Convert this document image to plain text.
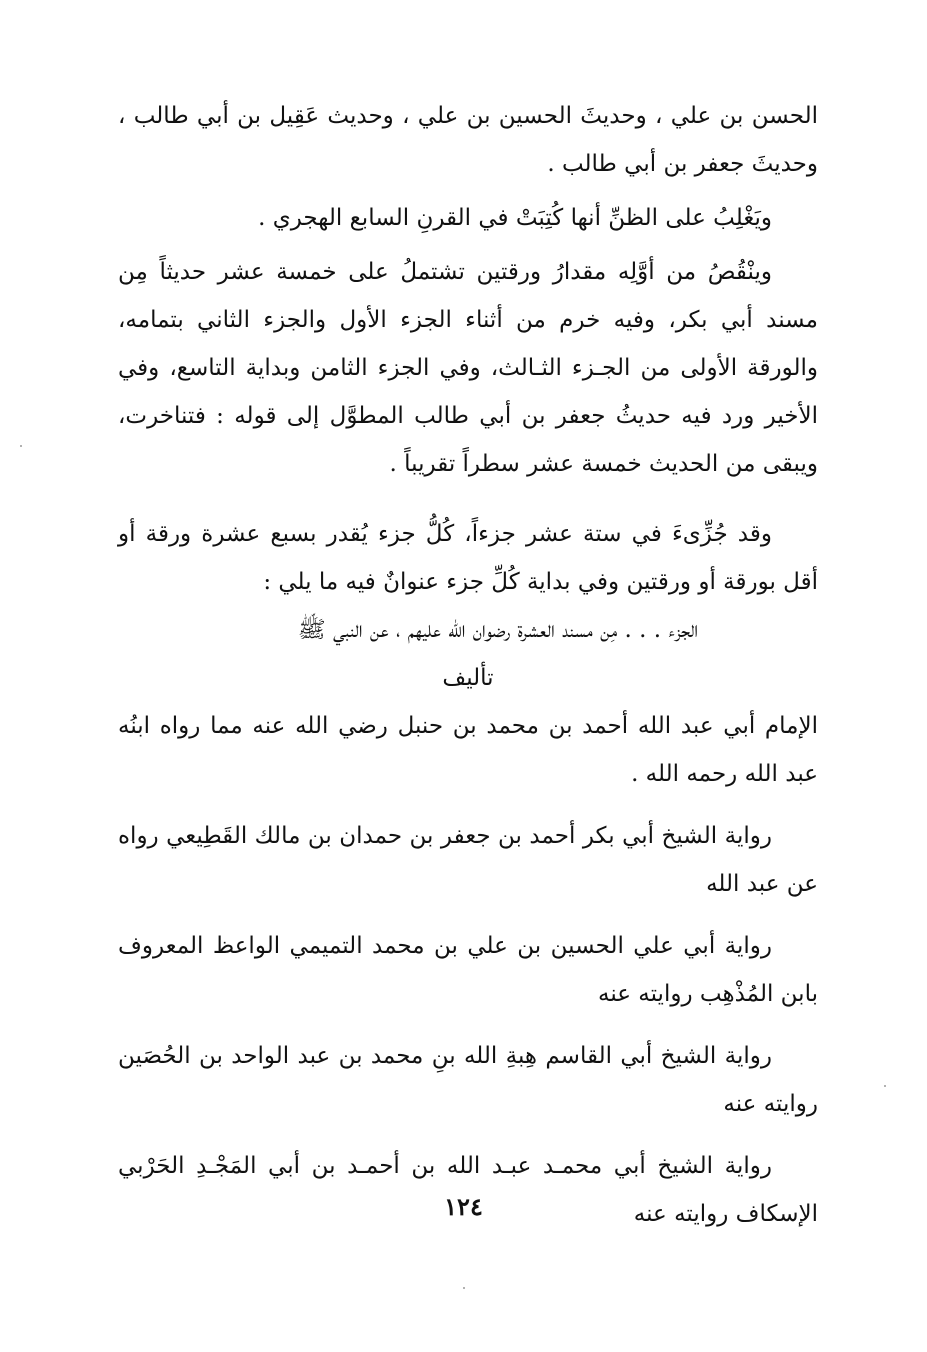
الحسن بن علي ، وحديثَ الحسين بن علي ، وحديث عَقِيل بن أبي طالب ، وحديثَ جعفر بن أبي طالب .

ويَغْلِبُ على الظنِّ أنها كُتِبَتْ في القرنِ السابع الهجري .

وينْقُصُ من أوَّلِه مقدارُ ورقتين تشتملُ على خمسة عشر حديثاً مِن مسند أبي بكر، وفيه خرم من أثناء الجزء الأول والجزء الثاني بتمامه، والورقة الأولى من الجـزء الثـالث، وفي الجزء الثامن وبداية التاسع، وفي الأخير ورد فيه حديثُ جعفر بن أبي طالب المطوَّل إلى قوله : فتناخرت، ويبقى من الحديث خمسة عشر سطراً تقريباً .

وقد جُزِّىءَ في ستة عشر جزءاً، كُلُّ جزء يُقدر بسبع عشرة ورقة أو أقل بورقة أو ورقتين وفي بداية كُلِّ جزء عنوانٌ فيه ما يلي :

الجزء . . . مِن مسند العشرة رضوان الله عليهم ، عن النبي ﷺ

تأليف

الإمام أبي عبد الله أحمد بن محمد بن حنبل رضي الله عنه مما رواه ابنُه عبد الله رحمه الله .

رواية الشيخ أبي بكر أحمد بن جعفر بن حمدان بن مالك القَطِيعي رواه عن عبد الله

رواية أبي علي الحسين بن علي بن محمد التميمي الواعظ المعروف بابن المُذْهِب روايته عنه

رواية الشيخ أبي القاسم هِبةِ الله بنِ محمد بن عبد الواحد بن الحُصَين روايته عنه

رواية الشيخ أبي محمـد عبـد الله بن أحمـد بن أبي المَجْـدِ الحَرْبي الإسكاف روايته عنه

١٢٤
